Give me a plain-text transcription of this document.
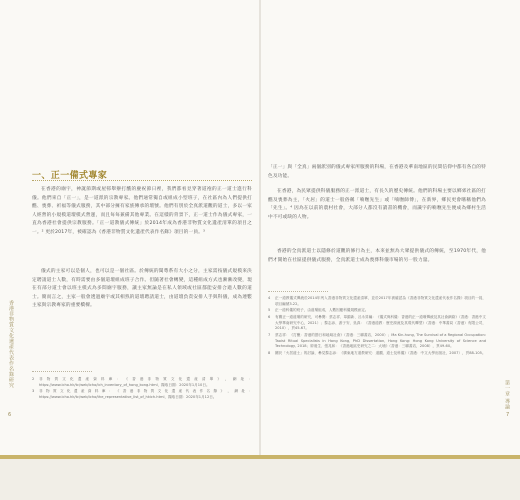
香港非物質文化遺產代表作名錄研究
6
一、正一備式專家

在香港的廟宇，神誕節期或屋邨舉辦打醮的慶祝節日裡，我們都看見穿著道袍的正一道士進行科儀。他們來自「正一」，是一道派的宗教專家。他們通常獨自或組成小型班子，在社區內為人們提供打醮、喪葬、祈福等儀式服務，其中部分擁有家族傳承的壇號。他們有別於全真派道觀的道士，多以一家人經營的小規模道壇模式營運，而且每每兼備其他專業。在這樣的背景下，正一道士作為儀式專家，一直為香港社會提供宗教服務。「正一道教儀式傳統」於2014年成為香港非物質文化遺產清單的項目之一。² 更於2017年，被確認為《香港非物質文化遺產代表作名錄》項目的一員。³

儀式的主家可以是個人，也可以是一個社區。於傳統的閩粵系有大小之分，主家需按儀式規模來決定聘請道士人數，有時需要由多個道壇組成班子合作。但隨著社會轉變，這種組成方式也漸漸改變，現在有部分道士會以班主模式為多間廟宇服務，讓主家無論是在私人領域或社區都能安排合適人數的道士。簡而言之，主家一般會透過廟宇或其相熟的道壇聘請道士，由道壇負責安排人手與科儀，成為連繫主家與宗教專家的重要橋樑。

2	非物質文化遺產資料庫：《香港非物質文化遺產清單》，網址：https://www.icho.hk/tc/web/icho/ich_inventory_of_hong_kong.html，擷取日期：2020年1月10日。
3	非物質文化遺產資料庫：《香港非物質文化遺產代表作名錄》，網址：https://www.icho.hk/tc/web/icho/the_representative_list_of_hkich.html，擷取日期：2020年1月12日。

「正一」與「全真」兩個派別的儀式專家所服務的科場，在香港及華南地區的民間信仰中都有各自的特色及功能。

在香港，為民眾提供科儀服務的正一派道士，有長久的歷史傳統。他們的科場主要以鄉郊社區的打醮及喪葬為主，「火居」的道士一般俗稱「喃嘸先生」或「喃嘸師傅」，在新界，鄉民更會暱稱他們為「先生」。⁴ 因為在以前的農村社會，大部分人都沒有讀書的機會，而識字的喃嘸先生便成為鄉村生活中不可或缺的人物。

香港的全真派道士以隱修於道觀的修行為主，本來並無為大眾提供儀式的傳統，至1970年代，他們才開始在社區提供儀式服務，全真派道士成為喪葬科儀市場的另一股力量。

4	正一道教儀式傳統於2014年列入香港非物質文化遺產清單，並於2017年被確認為《香港非物質文化遺產代表作名錄》項目的一員，項目編號3.22。
5	正一道科儀的班子，由道壇組成，人數因應科儀規模而定。
6	有關正一道道壇的研究，可參閱：蔡志祥、韋錦新、呂永昇編：《儀式與科儀：香港的正一道壇傳統及其社會網絡》（香港：香港中文大學華南研究中心，2021）；黎志添、游子安、吳真：《香港道教：歷史源流及其現代轉型》（香港：中華書局（香港）有限公司，2010），頁45-67。
7	蔡志祥：《打醮：香港的節日和地域社會》（香港：三聯書店，2000）；Ma Kin-hung, The Survival of a Regional Occupation: Taoist Ritual Specialists in Hong Kong, PhD Dissertation, Hong Kong: Hong Kong University of Science and Technology, 2018；廖迪生、張兆和：《香港地區史研究之二：大埔》（香港：三聯書店，2008），頁49-60。
8	關於「火居道士」的討論，參見黎志添：《廣東地方道教研究：道觀、道士及科儀》（香港：中文大學出版社，2007），頁88-105。
第一章 導論
7
